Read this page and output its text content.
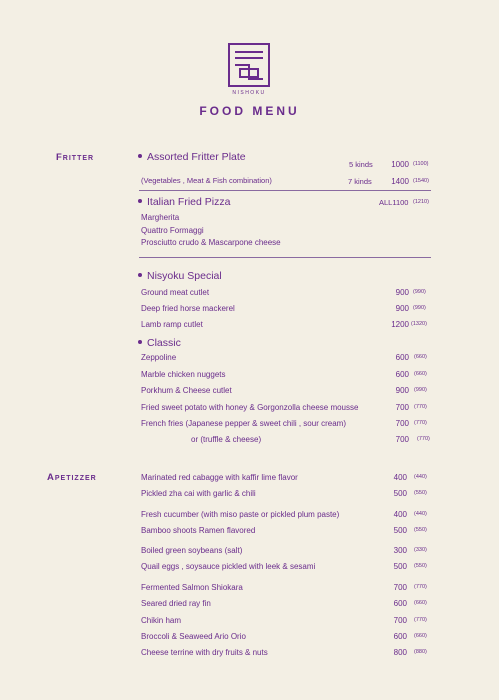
NISHOKU
FOOD MENU
Fritter	Assorted Fritter Plate
5 kinds	1000 (1100)
(Vegetables , Meat & Fish combination)	7 kinds	1400 (1540)
Italian Fried Pizza	ALL1100 (1210)
Margherita
Quattro Formaggi
Prosciutto crudo & Mascarpone cheese
Nisyoku Special
Ground meat cutlet	900 (990)
Deep fried horse mackerel	900 (990)
Lamb ramp cutlet	1200 (1320)
Classic
Zeppoline	600 (660)
Marble chicken nuggets	600 (660)
Porkhum & Cheese cutlet	900 (990)
Fried sweet potato with honey & Gorgonzolla cheese mousse	700 (770)
French fries (Japanese pepper & sweet chili , sour cream)	700 (770)
or (truffle & cheese)	700 (770)
Apetizzer	Marinated red cabagge with kaffir lime flavor	400 (440)
Pickled zha cai with garlic & chili	500 (550)
Fresh cucumber (with miso paste or pickled plum paste)	400 (440)
Bamboo shoots Ramen flavored	500 (550)
Boiled green soybeans (salt)	300 (330)
Quail eggs , soysauce pickled with leek & sesami	500 (550)
Fermented Salmon Shiokara	700 (770)
Seared dried ray fin	600 (660)
Chikin ham	700 (770)
Broccoli & Seaweed Ario Orio	600 (660)
Cheese terrine with dry fruits & nuts	800 (880)
